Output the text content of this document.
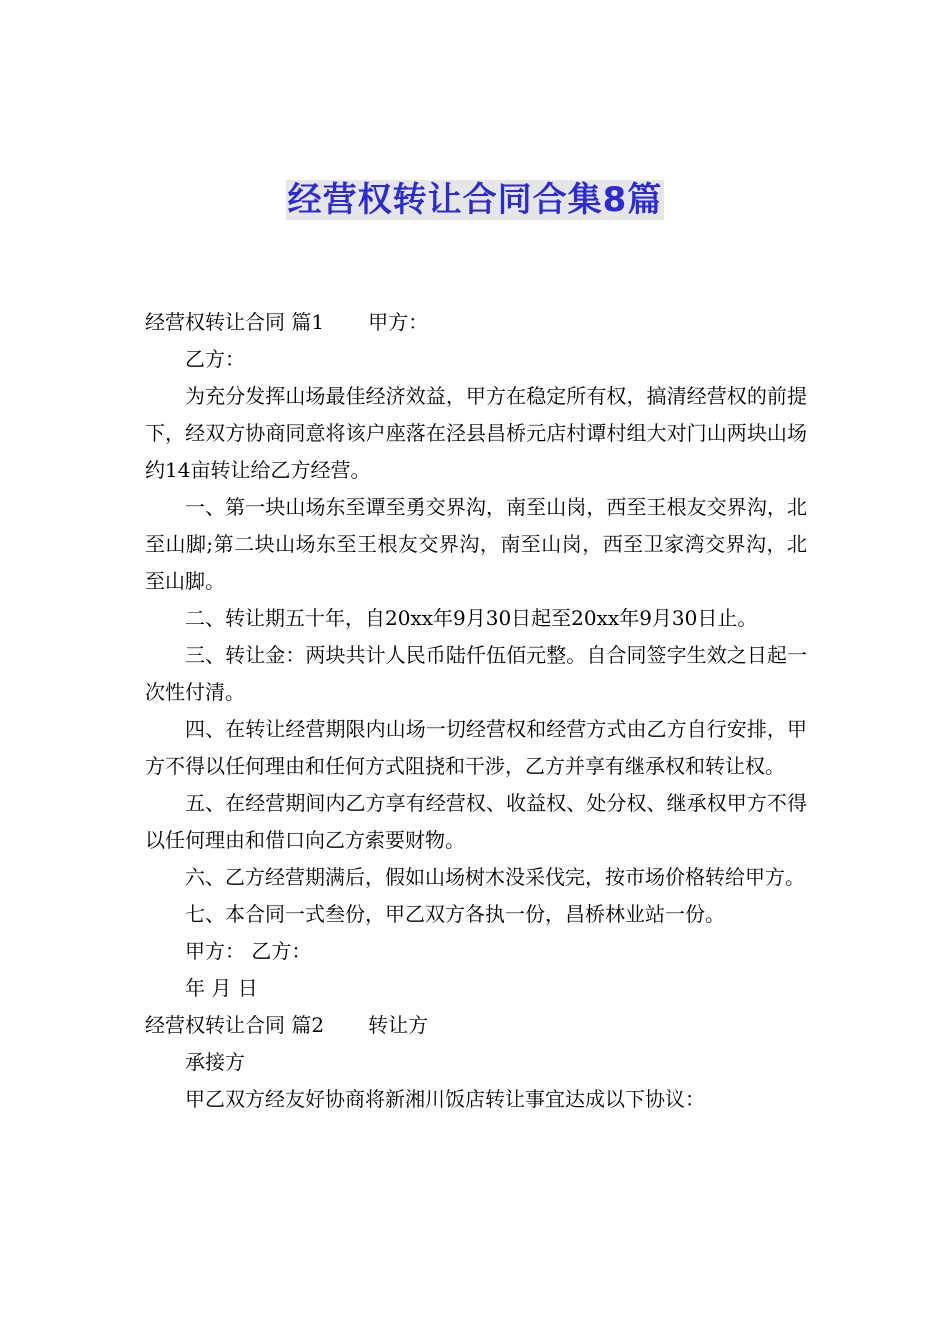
经营权转让合同合集8篇

经营权转让合同 篇1 甲方：

乙方：

为充分发挥山场最佳经济效益，甲方在稳定所有权，搞清经营权的前提下，经双方协商同意将该户座落在泾县昌桥元店村谭村组大对门山两块山场约14亩转让给乙方经营。

一、第一块山场东至谭至勇交界沟，南至山岗，西至王根友交界沟，北至山脚;第二块山场东至王根友交界沟，南至山岗，西至卫家湾交界沟，北至山脚。

二、转让期五十年，自20xx年9月30日起至20xx年9月30日止。

三、转让金：两块共计人民币陆仟伍佰元整。自合同签字生效之日起一次性付清。

四、在转让经营期限内山场一切经营权和经营方式由乙方自行安排，甲方不得以任何理由和任何方式阻挠和干涉，乙方并享有继承权和转让权。

五、在经营期间内乙方享有经营权、收益权、处分权、继承权甲方不得以任何理由和借口向乙方索要财物。

六、乙方经营期满后，假如山场树木没采伐完，按市场价格转给甲方。

七、本合同一式叁份，甲乙双方各执一份，昌桥林业站一份。

甲方： 乙方：

年 月 日

经营权转让合同 篇2 转让方

承接方

甲乙双方经友好协商将新湘川饭店转让事宜达成以下协议：
